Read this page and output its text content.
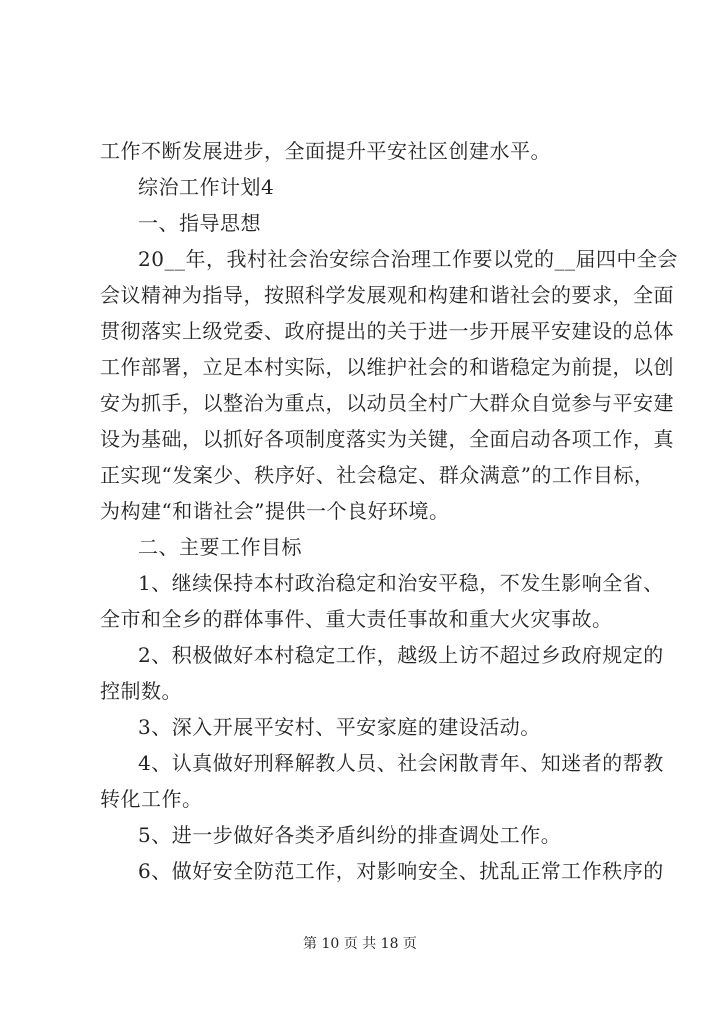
工作不断发展进步，全面提升平安社区创建水平。
综治工作计划4
一、指导思想
20__年，我村社会治安综合治理工作要以党的__届四中全会
会议精神为指导，按照科学发展观和构建和谐社会的要求，全面
贯彻落实上级党委、政府提出的关于进一步开展平安建设的总体
工作部署，立足本村实际，以维护社会的和谐稳定为前提，以创
安为抓手，以整治为重点，以动员全村广大群众自觉参与平安建
设为基础，以抓好各项制度落实为关键，全面启动各项工作，真
正实现“发案少、秩序好、社会稳定、群众满意”的工作目标，
为构建“和谐社会”提供一个良好环境。
二、主要工作目标
1、继续保持本村政治稳定和治安平稳，不发生影响全省、
全市和全乡的群体事件、重大责任事故和重大火灾事故。
2、积极做好本村稳定工作，越级上访不超过乡政府规定的
控制数。
3、深入开展平安村、平安家庭的建设活动。
4、认真做好刑释解教人员、社会闲散青年、知迷者的帮教
转化工作。
5、进一步做好各类矛盾纠纷的排查调处工作。
6、做好安全防范工作，对影响安全、扰乱正常工作秩序的
第 10 页 共 18 页
